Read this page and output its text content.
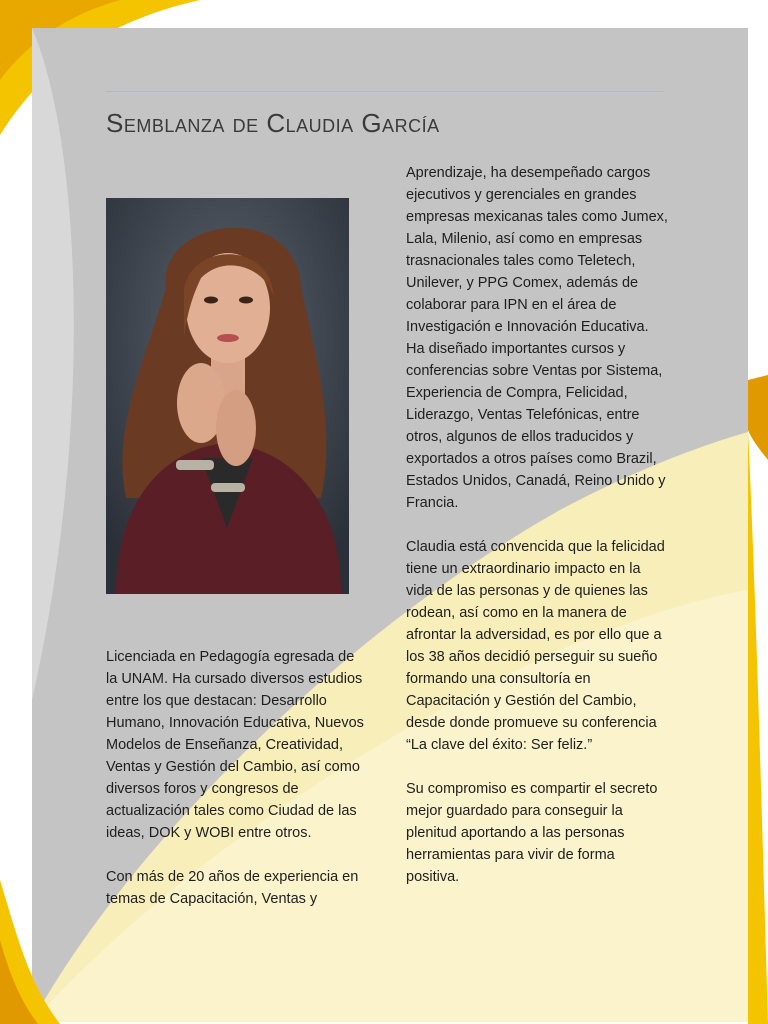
Semblanza de Claudia García

Licenciada en Pedagogía egresada de la UNAM. Ha cursado diversos estudios entre los que destacan: Desarrollo Humano, Innovación Educativa, Nuevos Modelos de Enseñanza, Creatividad, Ventas y Gestión del Cambio, así como diversos foros y congresos de actualización tales como Ciudad de las ideas, DOK y WOBI entre otros.

Con más de 20 años de experiencia en temas de Capacitación, Ventas y

Aprendizaje, ha desempeñado cargos ejecutivos y gerenciales en grandes empresas mexicanas tales como Jumex, Lala, Milenio, así como en empresas trasnacionales tales como Teletech, Unilever, y PPG Comex, además de colaborar para IPN en el área de Investigación e Innovación Educativa.

Ha diseñado importantes cursos y conferencias sobre Ventas por Sistema, Experiencia de Compra, Felicidad, Liderazgo, Ventas Telefónicas, entre otros, algunos de ellos traducidos y exportados a otros países como Brazil, Estados Unidos, Canadá, Reino Unido y Francia.

Claudia está convencida que la felicidad tiene un extraordinario impacto en la vida de las personas y de quienes las rodean, así como en la manera de afrontar la adversidad, es por ello que a los 38 años decidió perseguir su sueño formando una consultoría en Capacitación y Gestión del Cambio, desde donde promueve su conferencia “La clave del éxito: Ser feliz.”

Su compromiso es compartir el secreto mejor guardado para conseguir la plenitud aportando a las personas herramientas para vivir de forma positiva.
